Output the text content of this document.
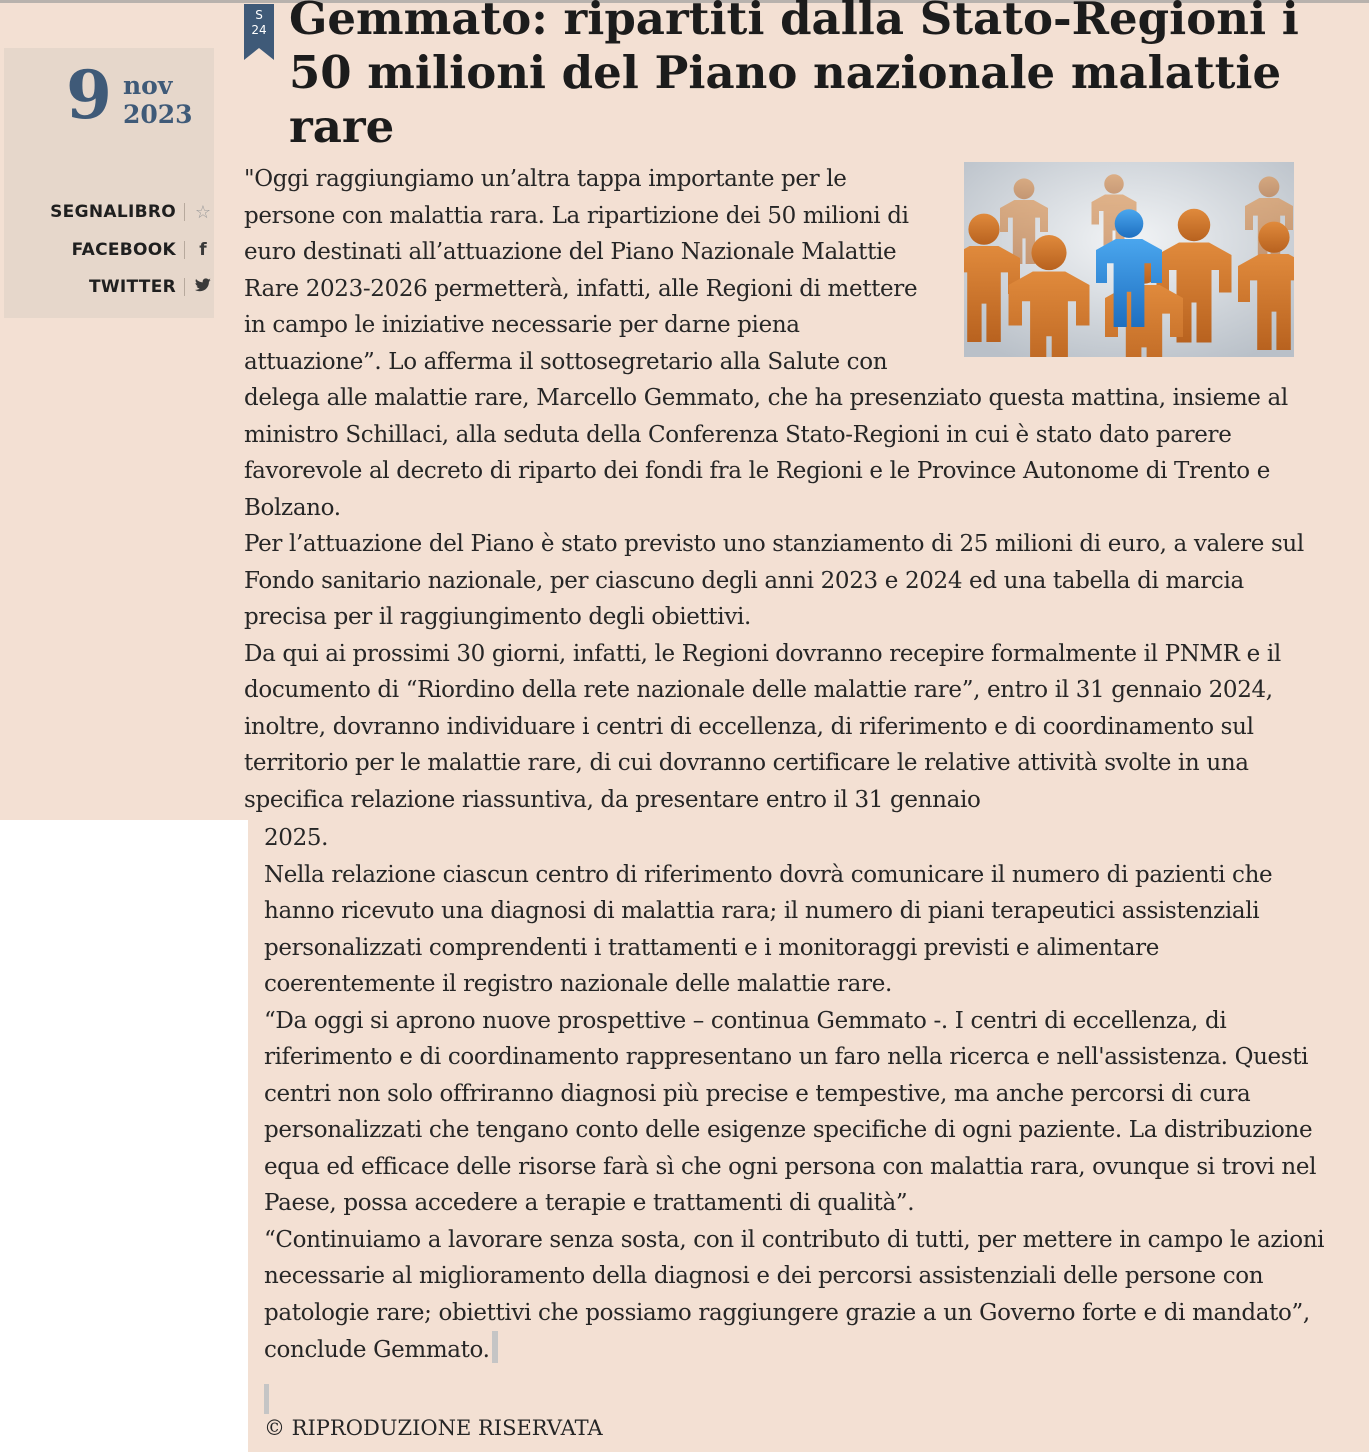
9 nov
2023
SEGNALIBRO ☆
FACEBOOK	f
TWITTER
S
24 Gemmato: ripartiti dalla Stato-Regioni i 50 milioni del Piano nazionale malattie rare

"Oggi raggiungiamo un’altra tappa importante per le persone con malattia rara. La ripartizione dei 50 milioni di euro destinati all’attuazione del Piano Nazionale Malattie Rare 2023-2026 permetterà, infatti, alle Regioni di mettere in campo le iniziative necessarie per darne piena attuazione”. Lo afferma il sottosegretario alla Salute con delega alle malattie rare, Marcello Gemmato, che ha presenziato questa mattina, insieme al ministro Schillaci, alla seduta della Conferenza Stato-Regioni in cui è stato dato parere favorevole al decreto di riparto dei fondi fra le Regioni e le Province Autonome di Trento e Bolzano.

Per l’attuazione del Piano è stato previsto uno stanziamento di 25 milioni di euro, a valere sul Fondo sanitario nazionale, per ciascuno degli anni 2023 e 2024 ed una tabella di marcia precisa per il raggiungimento degli obiettivi.

Da qui ai prossimi 30 giorni, infatti, le Regioni dovranno recepire formalmente il PNMR e il documento di “Riordino della rete nazionale delle malattie rare”, entro il 31 gennaio 2024, inoltre, dovranno individuare i centri di eccellenza, di riferimento e di coordinamento sul territorio per le malattie rare, di cui dovranno certificare le relative attività svolte in una specifica relazione riassuntiva, da presentare entro il 31 gennaio

2025.

Nella relazione ciascun centro di riferimento dovrà comunicare il numero di pazienti che hanno ricevuto una diagnosi di malattia rara; il numero di piani terapeutici assistenziali personalizzati comprendenti i trattamenti e i monitoraggi previsti e alimentare coerentemente il registro nazionale delle malattie rare.

“Da oggi si aprono nuove prospettive – continua Gemmato -. I centri di eccellenza, di riferimento e di coordinamento rappresentano un faro nella ricerca e nell'assistenza. Questi centri non solo offriranno diagnosi più precise e tempestive, ma anche percorsi di cura personalizzati che tengano conto delle esigenze specifiche di ogni paziente. La distribuzione equa ed efficace delle risorse farà sì che ogni persona con malattia rara, ovunque si trovi nel Paese, possa accedere a terapie e trattamenti di qualità”.

“Continuiamo a lavorare senza sosta, con il contributo di tutti, per mettere in campo le azioni necessarie al miglioramento della diagnosi e dei percorsi assistenziali delle persone con patologie rare; obiettivi che possiamo raggiungere grazie a un Governo forte e di mandato”, conclude Gemmato.

© RIPRODUZIONE RISERVATA
